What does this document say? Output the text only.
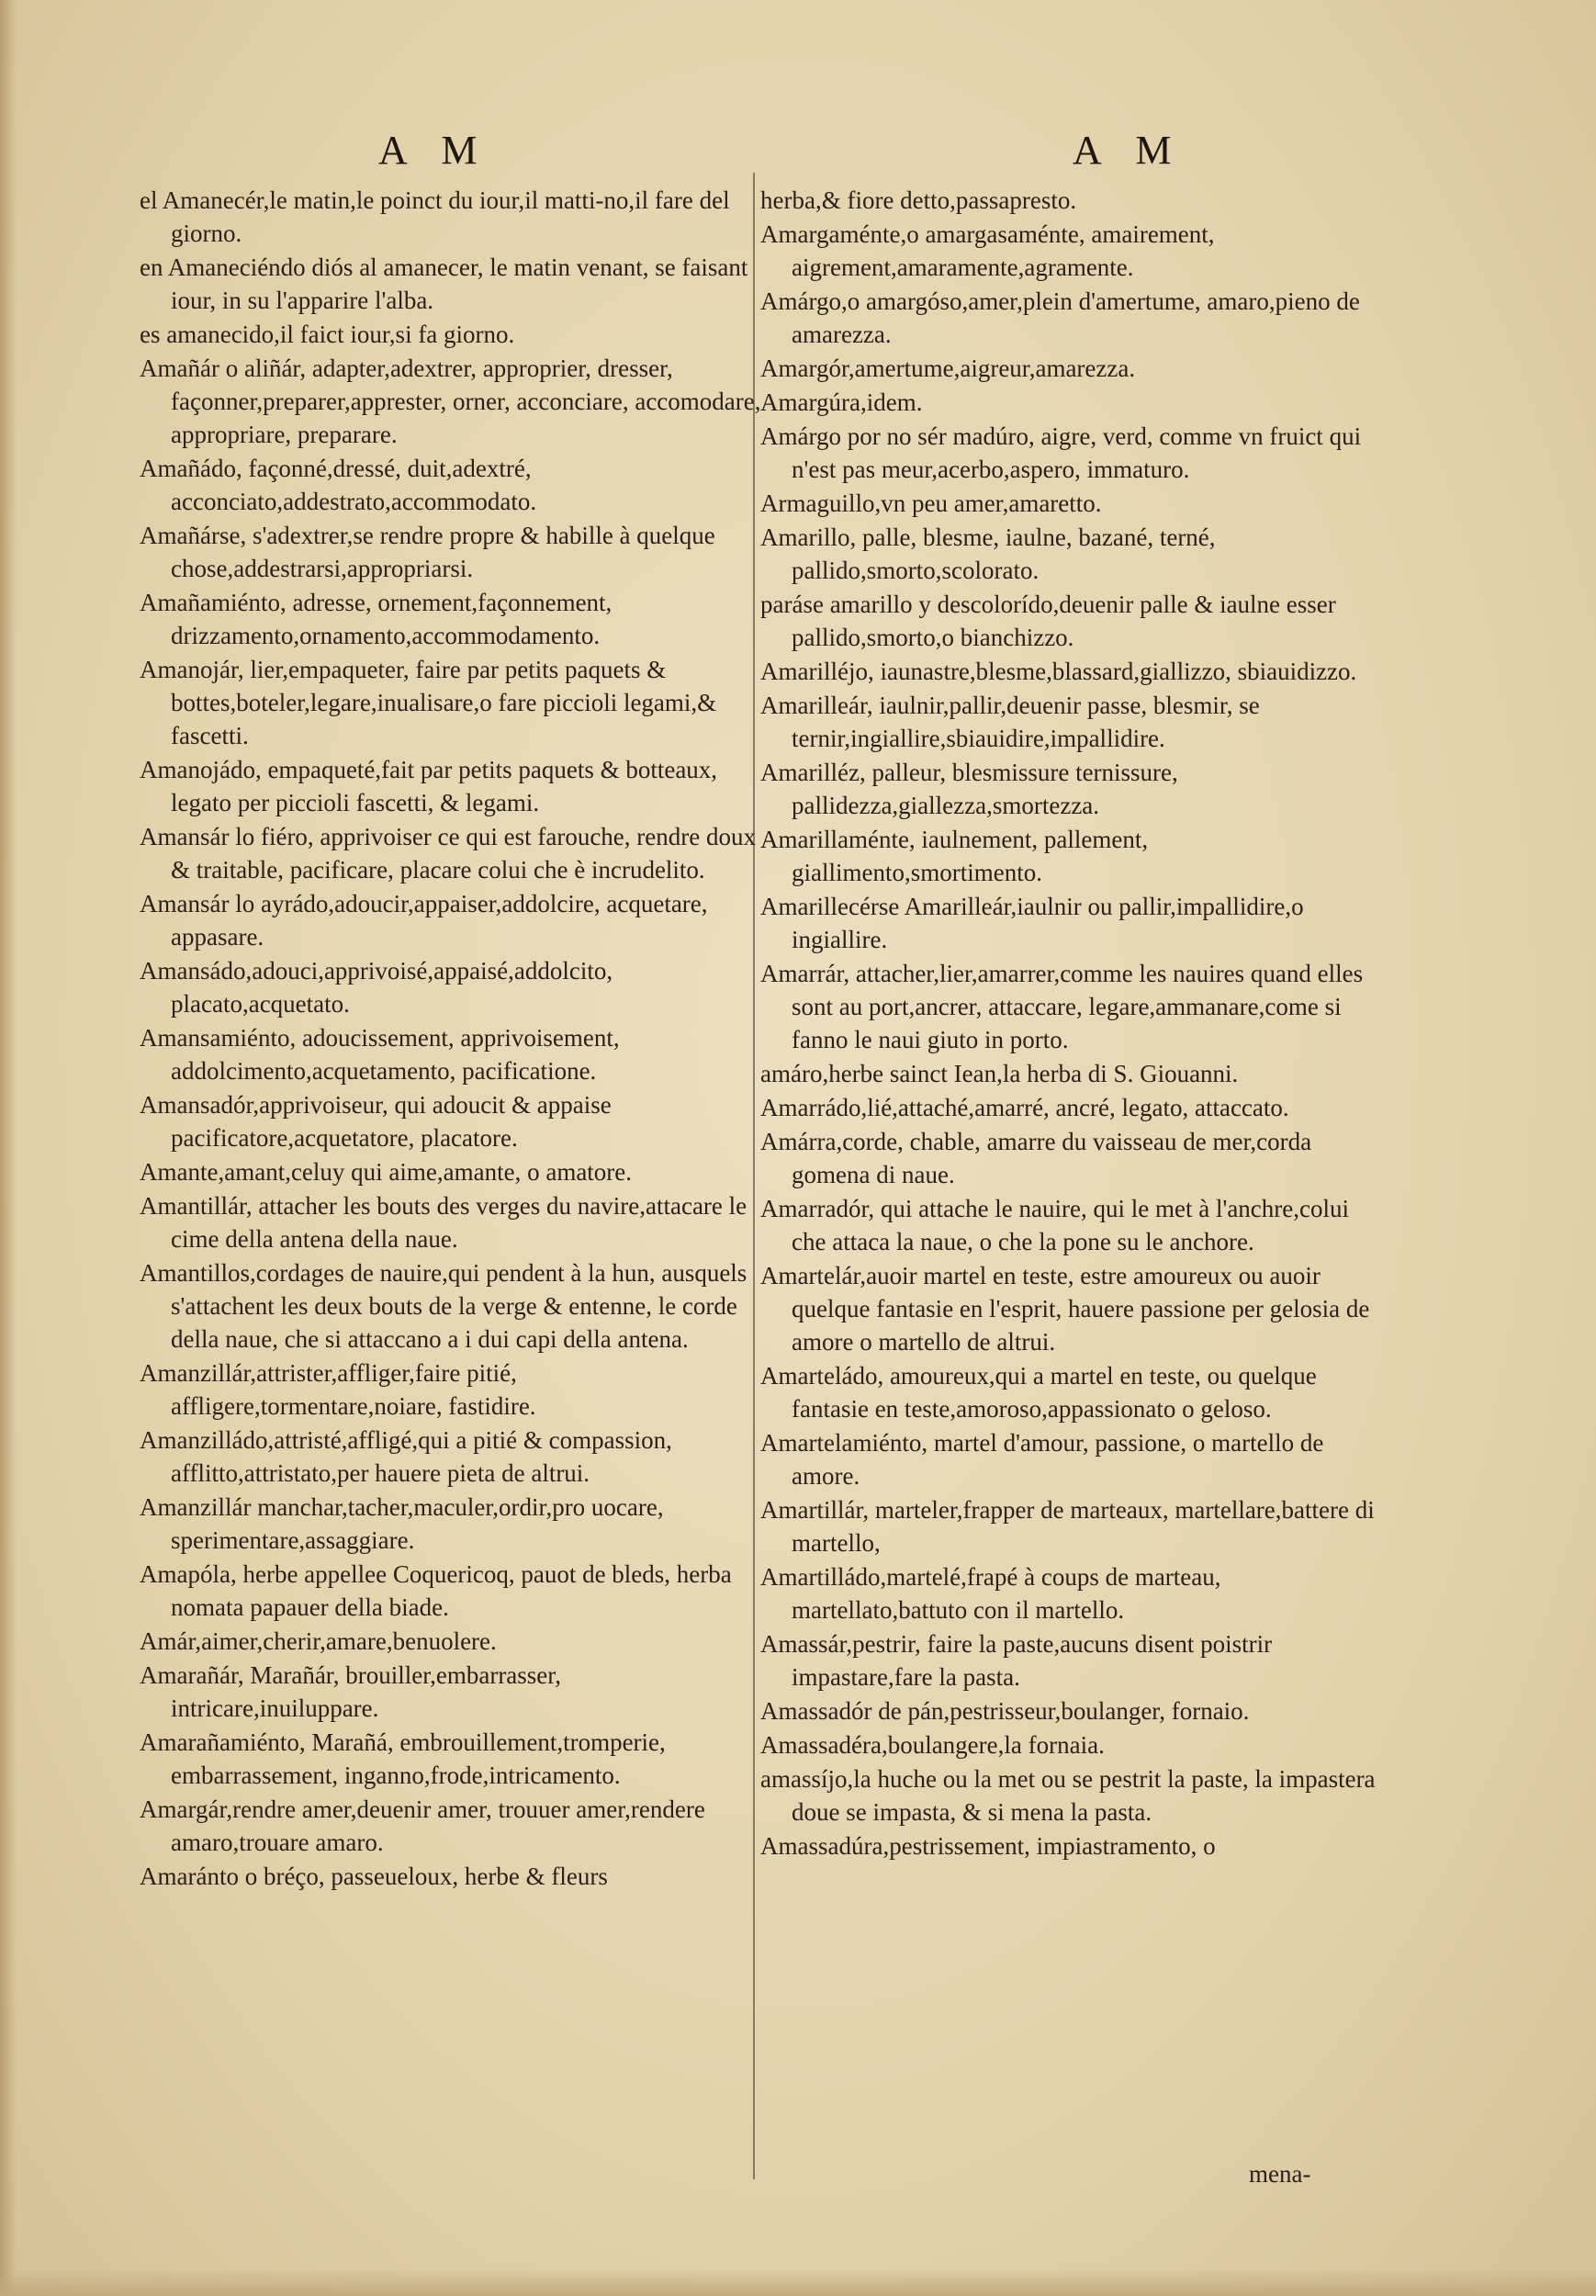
A M	A M

el Amanecér,le matin,le poinct du iour,il matti-no,il fare del giorno.

en Amaneciéndo diós al amanecer, le matin venant, se faisant iour, in su l'apparire l'alba.

es amanecido,il faict iour,si fa giorno.

Amañár o aliñár, adapter,adextrer, approprier, dresser, façonner,preparer,apprester, orner, acconciare, accomodare, appropriare, preparare.

Amañádo, façonné,dressé, duit,adextré, acconciato,addestrato,accommodato.

Amañárse, s'adextrer,se rendre propre & habille à quelque chose,addestrarsi,appropriarsi.

Amañamiénto, adresse, ornement,façonnement, drizzamento,ornamento,accommodamento.

Amanojár, lier,empaqueter, faire par petits paquets & bottes,boteler,legare,inualisare,o fare piccioli legami,& fascetti.

Amanojádo, empaqueté,fait par petits paquets & botteaux, legato per piccioli fascetti, & legami.

Amansár lo fiéro, apprivoiser ce qui est farouche, rendre doux & traitable, pacificare, placare colui che è incrudelito.

Amansár lo ayrádo,adoucir,appaiser,addolcire, acquetare, appasare.

Amansádo,adouci,apprivoisé,appaisé,addolcito, placato,acquetato.

Amansamiénto, adoucissement, apprivoisement, addolcimento,acquetamento, pacificatione.

Amansadór,apprivoiseur, qui adoucit & appaise pacificatore,acquetatore, placatore.

Amante,amant,celuy qui aime,amante, o amatore.

Amantillár, attacher les bouts des verges du navire,attacare le cime della antena della naue.

Amantillos,cordages de nauire,qui pendent à la hun, ausquels s'attachent les deux bouts de la verge & entenne, le corde della naue, che si attaccano a i dui capi della antena.

Amanzillár,attrister,affliger,faire pitié, affligere,tormentare,noiare, fastidire.

Amanzilládo,attristé,affligé,qui a pitié & compassion, afflitto,attristato,per hauere pieta de altrui.

Amanzillár manchar,tacher,maculer,ordir,pro uocare, sperimentare,assaggiare.

Amapóla, herbe appellee Coquericoq, pauot de bleds, herba nomata papauer della biade.

Amár,aimer,cherir,amare,benuolere.

Amarañár, Marañár, brouiller,embarrasser, intricare,inuiluppare.

Amarañamiénto, Marañá, embrouillement,tromperie, embarrassement, inganno,frode,intricamento.

Amargár,rendre amer,deuenir amer, trouuer amer,rendere amaro,trouare amaro.

Amaránto o bréço, passeueloux, herbe & fleurs

herba,& fiore detto,passapresto.

Amargaménte,o amargasaménte, amairement, aigrement,amaramente,agramente.

Amárgo,o amargóso,amer,plein d'amertume, amaro,pieno de amarezza.

Amargór,amertume,aigreur,amarezza.

Amargúra,idem.

Amárgo por no sér madúro, aigre, verd, comme vn fruict qui n'est pas meur,acerbo,aspero, immaturo.

Armaguillo,vn peu amer,amaretto.

Amarillo, palle, blesme, iaulne, bazané, terné, pallido,smorto,scolorato.

paráse amarillo y descolorído,deuenir palle & iaulne esser pallido,smorto,o bianchizzo.

Amarilléjo, iaunastre,blesme,blassard,giallizzo, sbiauidizzo.

Amarilleár, iaulnir,pallir,deuenir passe, blesmir, se ternir,ingiallire,sbiauidire,impallidire.

Amarilléz, palleur, blesmissure ternissure, pallidezza,giallezza,smortezza.

Amarillaménte, iaulnement, pallement, giallimento,smortimento.

Amarillecérse Amarilleár,iaulnir ou pallir,impallidire,o ingiallire.

Amarrár, attacher,lier,amarrer,comme les nauires quand elles sont au port,ancrer, attaccare, legare,ammanare,come si fanno le naui giuto in porto.

amáro,herbe sainct Iean,la herba di S. Giouanni.

Amarrádo,lié,attaché,amarré, ancré, legato, attaccato.

Amárra,corde, chable, amarre du vaisseau de mer,corda gomena di naue.

Amarradór, qui attache le nauire, qui le met à l'anchre,colui che attaca la naue, o che la pone su le anchore.

Amartelár,auoir martel en teste, estre amoureux ou auoir quelque fantasie en l'esprit, hauere passione per gelosia de amore o martello de altrui.

Amarteládo, amoureux,qui a martel en teste, ou quelque fantasie en teste,amoroso,appassionato o geloso.

Amartelamiénto, martel d'amour, passione, o martello de amore.

Amartillár, marteler,frapper de marteaux, martellare,battere di martello,

Amartilládo,martelé,frapé à coups de marteau, martellato,battuto con il martello.

Amassár,pestrir, faire la paste,aucuns disent poistrir impastare,fare la pasta.

Amassadór de pán,pestrisseur,boulanger, fornaio.

Amassadéra,boulangere,la fornaia.

amassíjo,la huche ou la met ou se pestrit la paste, la impastera doue se impasta, & si mena la pasta.

Amassadúra,pestrissement, impiastramento, o

mena-
